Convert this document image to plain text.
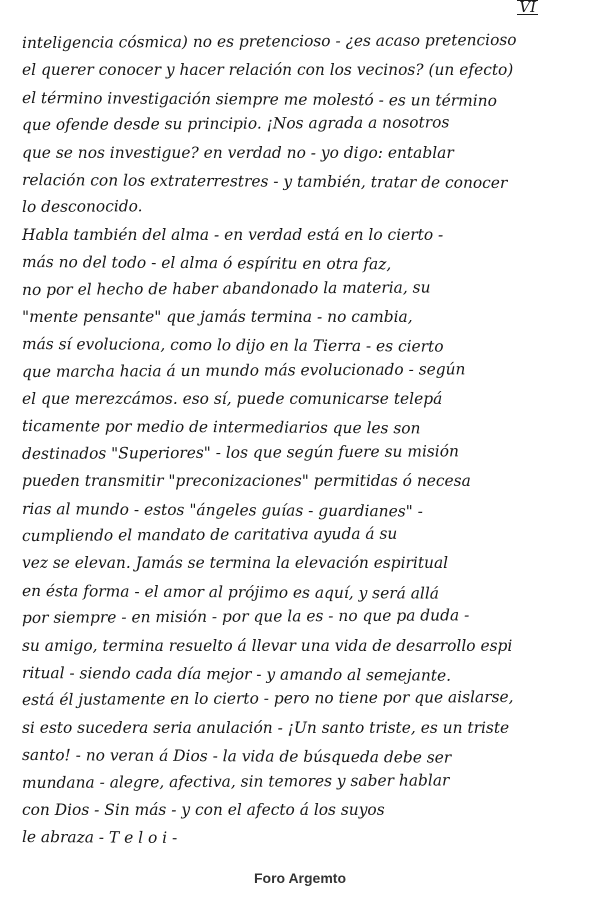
VI
inteligencia cósmica) no es pretencioso - ¿es acaso pretencioso
el querer conocer y hacer relación con los vecinos? (un efecto)
el término investigación siempre me molestó - es un término
que ofende desde su principio. ¡Nos agrada a nosotros
que se nos investigue? en verdad no - yo digo: entablar
relación con los extraterrestres - y también, tratar de conocer
lo desconocido.
Habla también del alma - en verdad está en lo cierto -
más no del todo - el alma ó espíritu en otra faz,
no por el hecho de haber abandonado la materia, su
"mente pensante" que jamás termina - no cambia,
más sí evoluciona, como lo dijo en la Tierra - es cierto
que marcha hacia á un mundo más evolucionado - según
el que merezcámos. eso sí, puede comunicarse telepá
ticamente por medio de intermediarios que les son
destinados "Superiores" - los que según fuere su misión
pueden transmitir "preconizaciones" permitidas ó necesa
rias al mundo - estos "ángeles guías - guardianes" -
cumpliendo el mandato de caritativa ayuda á su
vez se elevan. Jamás se termina la elevación espiritual
en ésta forma - el amor al prójimo es aquí, y será allá
por siempre - en misión - por que la es - no que pa duda -
su amigo, termina resuelto á llevar una vida de desarrollo espi
ritual - siendo cada día mejor - y amando al semejante.
está él justamente en lo cierto - pero no tiene por que aislarse,
si esto sucedera seria anulación - ¡Un santo triste, es un triste
santo! - no veran á Dios - la vida de búsqueda debe ser
mundana - alegre, afectiva, sin temores y saber hablar
con Dios - Sin más - y con el afecto á los suyos
le abraza - T e l o i -
Foro Argemto
